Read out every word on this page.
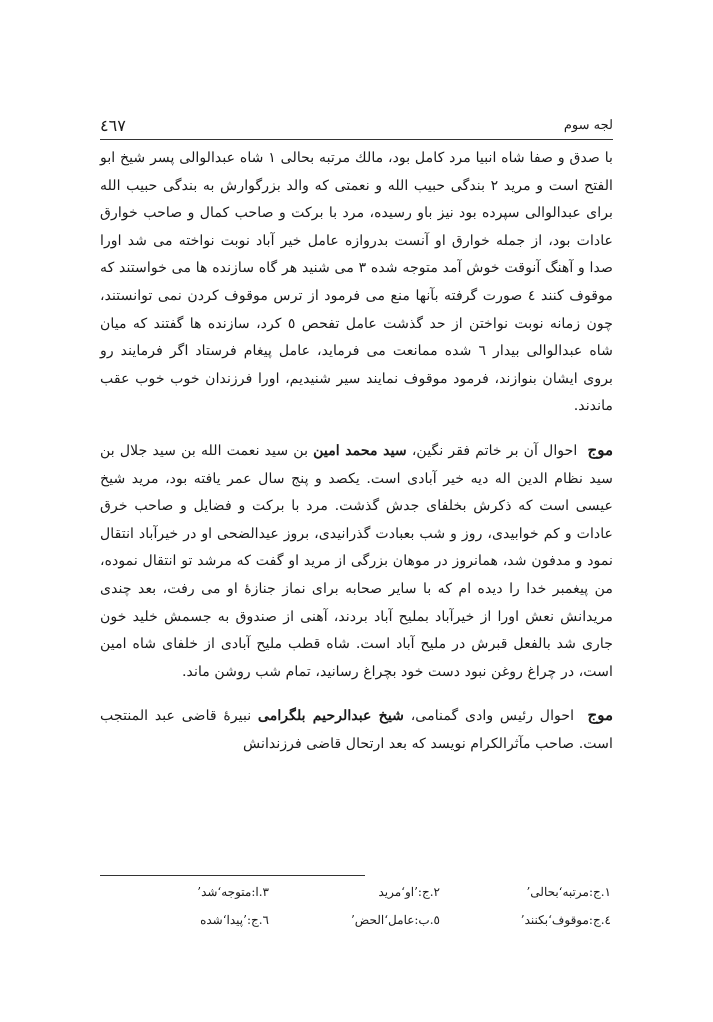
٤٦٧	لجه سوم

با صدق و صفا شاه انبیا مرد کامل بود، مالك مرتبه بحالی ۱ شاه عبدالوالی پسر شیخ ابو الفتح است و مرید ۲ بندگی حبیب الله و نعمتی که والد بزرگوارش به بندگی حبیب الله برای عبدالوالی سپرده بود نیز باو رسیده، مرد با برکت و صاحب کمال و صاحب خوارق عادات بود، از جمله خوارق او آنست بدروازه عامل خیر آباد نوبت نواخته می شد اورا صدا و آهنگ آنوقت خوش آمد متوجه شده ۳ می شنید هر گاه سازنده ها می خواستند که موقوف کنند ٤ صورت گرفته بآنها منع می فرمود از ترس موقوف کردن نمی توانستند، چون زمانه نوبت نواختن از حد گذشت عامل تفحص ٥ کرد، سازنده ها گفتند که میان شاه عبدالوالی بیدار ٦ شده ممانعت می فرماید، عامل پیغام فرستاد اگر فرمایند رو بروی ایشان بنوازند، فرمود موقوف نمایند سیر شنیدیم، اورا فرزندان خوب خوب عقب ماندند.

موج  احوال آن بر خاتم فقر نگین، سید محمد امین بن سید نعمت الله بن سید جلال بن سید نظام الدین اله دیه خیر آبادی است. یکصد و پنج سال عمر یافته بود، مرید شیخ عیسی است که ذکرش بخلفای جدش گذشت. مرد با برکت و فضایل و صاحب خرق عادات و کم خوابیدی، روز و شب بعبادت گذرانیدی، بروز عیدالضحی او در خیرآباد انتقال نمود و مدفون شد، همانروز در موهان بزرگی از مرید او گفت که مرشد تو انتقال نموده، من پیغمبر خدا را دیده ام که با سایر صحابه برای نماز جنازهٔ او می رفت، بعد چندی مریدانش نعش اورا از خیرآباد بملیح آباد بردند، آهنی از صندوق به جسمش خلید خون جاری شد بالفعل قبرش در ملیح آباد است. شاه قطب ملیح آبادی از خلفای شاه امین است، در چراغ روغن نبود دست خود بچراغ رسانید، تمام شب روشن ماند.

موج  احوال رئیس وادی گمنامی، شیخ عبدالرحیم بلگرامی نبیرهٔ قاضی عبد المنتجب است. صاحب مآثرالکرام نویسد که بعد ارتحال قاضی فرزندانش

۱.ج:مرتبه‘بحالی’
۲.ج:’او‘مرید
۳.ا:متوجه‘شد’
٤.ج:موقوف‘بکنند’
٥.ب:عامل‘الحض’
٦.ج:’پیدا‘شده
